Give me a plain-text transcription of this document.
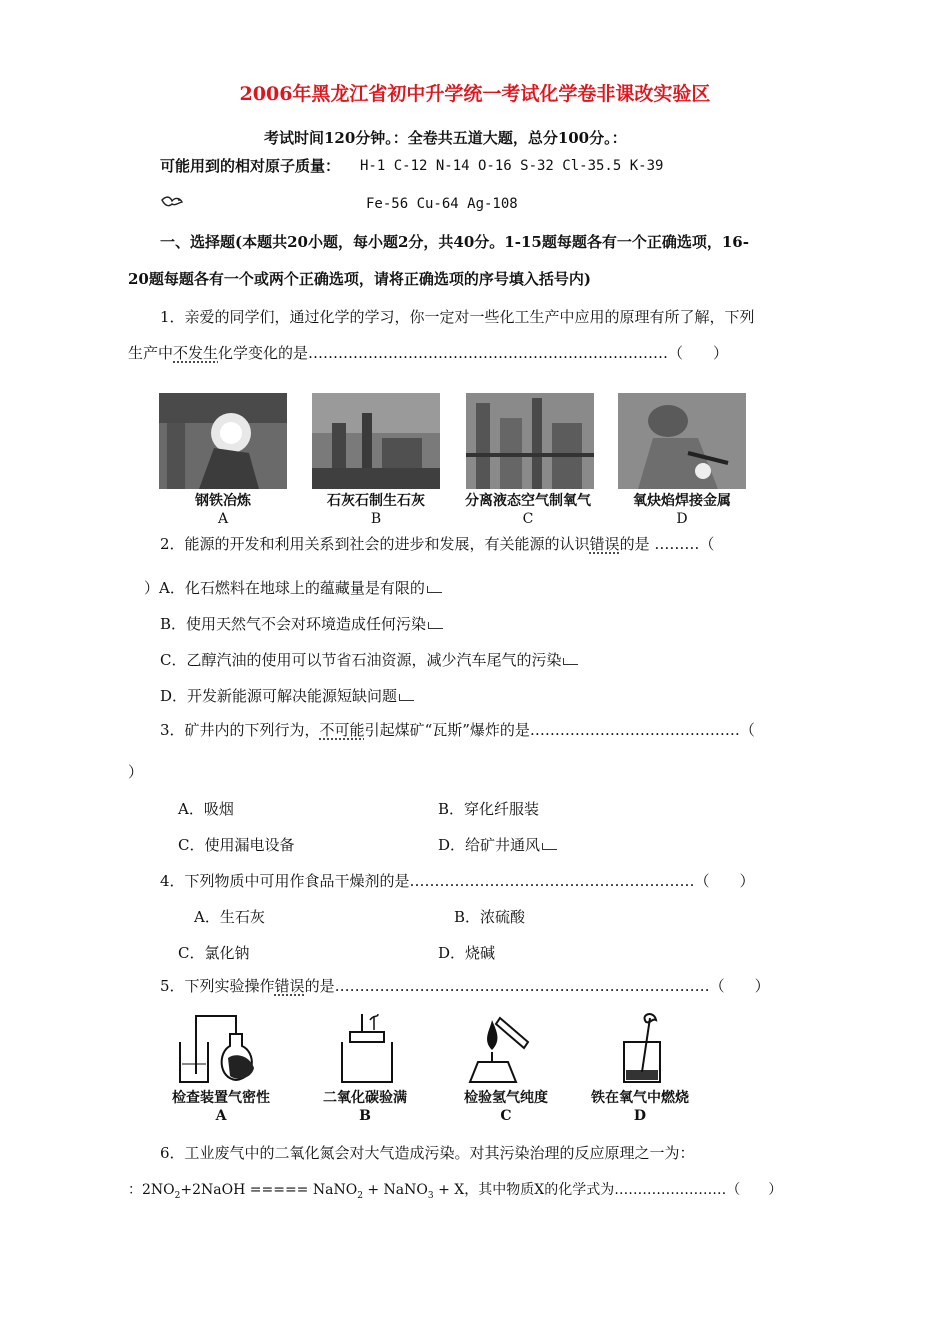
2006年黑龙江省初中升学统一考试化学卷非课改实验区
考试时间120分钟。：全卷共五道大题，总分100分。：
可能用到的相对原子质量： H-1 C-12 N-14 O-16 S-32 Cl-35.5 K-39
Fe-56 Cu-64 Ag-108
一、选择题(本题共20小题，每小题2分，共40分。1-15题每题各有一个正确选项，16-
20题每题各有一个或两个正确选项，请将正确选项的序号填入括号内)
1．亲爱的同学们，通过化学的学习，你一定对一些化工生产中应用的原理有所了解，下列
生产中不发生化学变化的是………………………………………………………………（　　）
钢铁冶炼
A
石灰石制生石灰
B
分离液态空气制氧气
C
氧炔焰焊接金属
D
2．能源的开发和利用关系到社会的进步和发展，有关能源的认识错误的是 ………（
）A．化石燃料在地球上的蕴藏量是有限的
B．使用天然气不会对环境造成任何污染
C．乙醇汽油的使用可以节省石油资源，减少汽车尾气的污染
D．开发新能源可解决能源短缺问题
3．矿井内的下列行为，不可能引起煤矿“瓦斯”爆炸的是……………………………………（
）
A．吸烟	B．穿化纤服装
C．使用漏电设备	D．给矿井通风
4．下列物质中可用作食品干燥剂的是…………………………………………………（　　）
A．生石灰	B．浓硫酸
C．氯化钠	D．烧碱
5．下列实验操作错误的是…………………………………………………………………（　　）
检查装置气密性
A
二氧化碳验满
B
检验氢气纯度
C
铁在氧气中燃烧
D
6．工业废气中的二氧化氮会对大气造成污染。对其污染治理的反应原理之一为：
：$2NO_2+2NaOH$ ===== NaNO$_2$ + NaNO$_3$ + X，其中物质X的化学式为……………………（　　）
